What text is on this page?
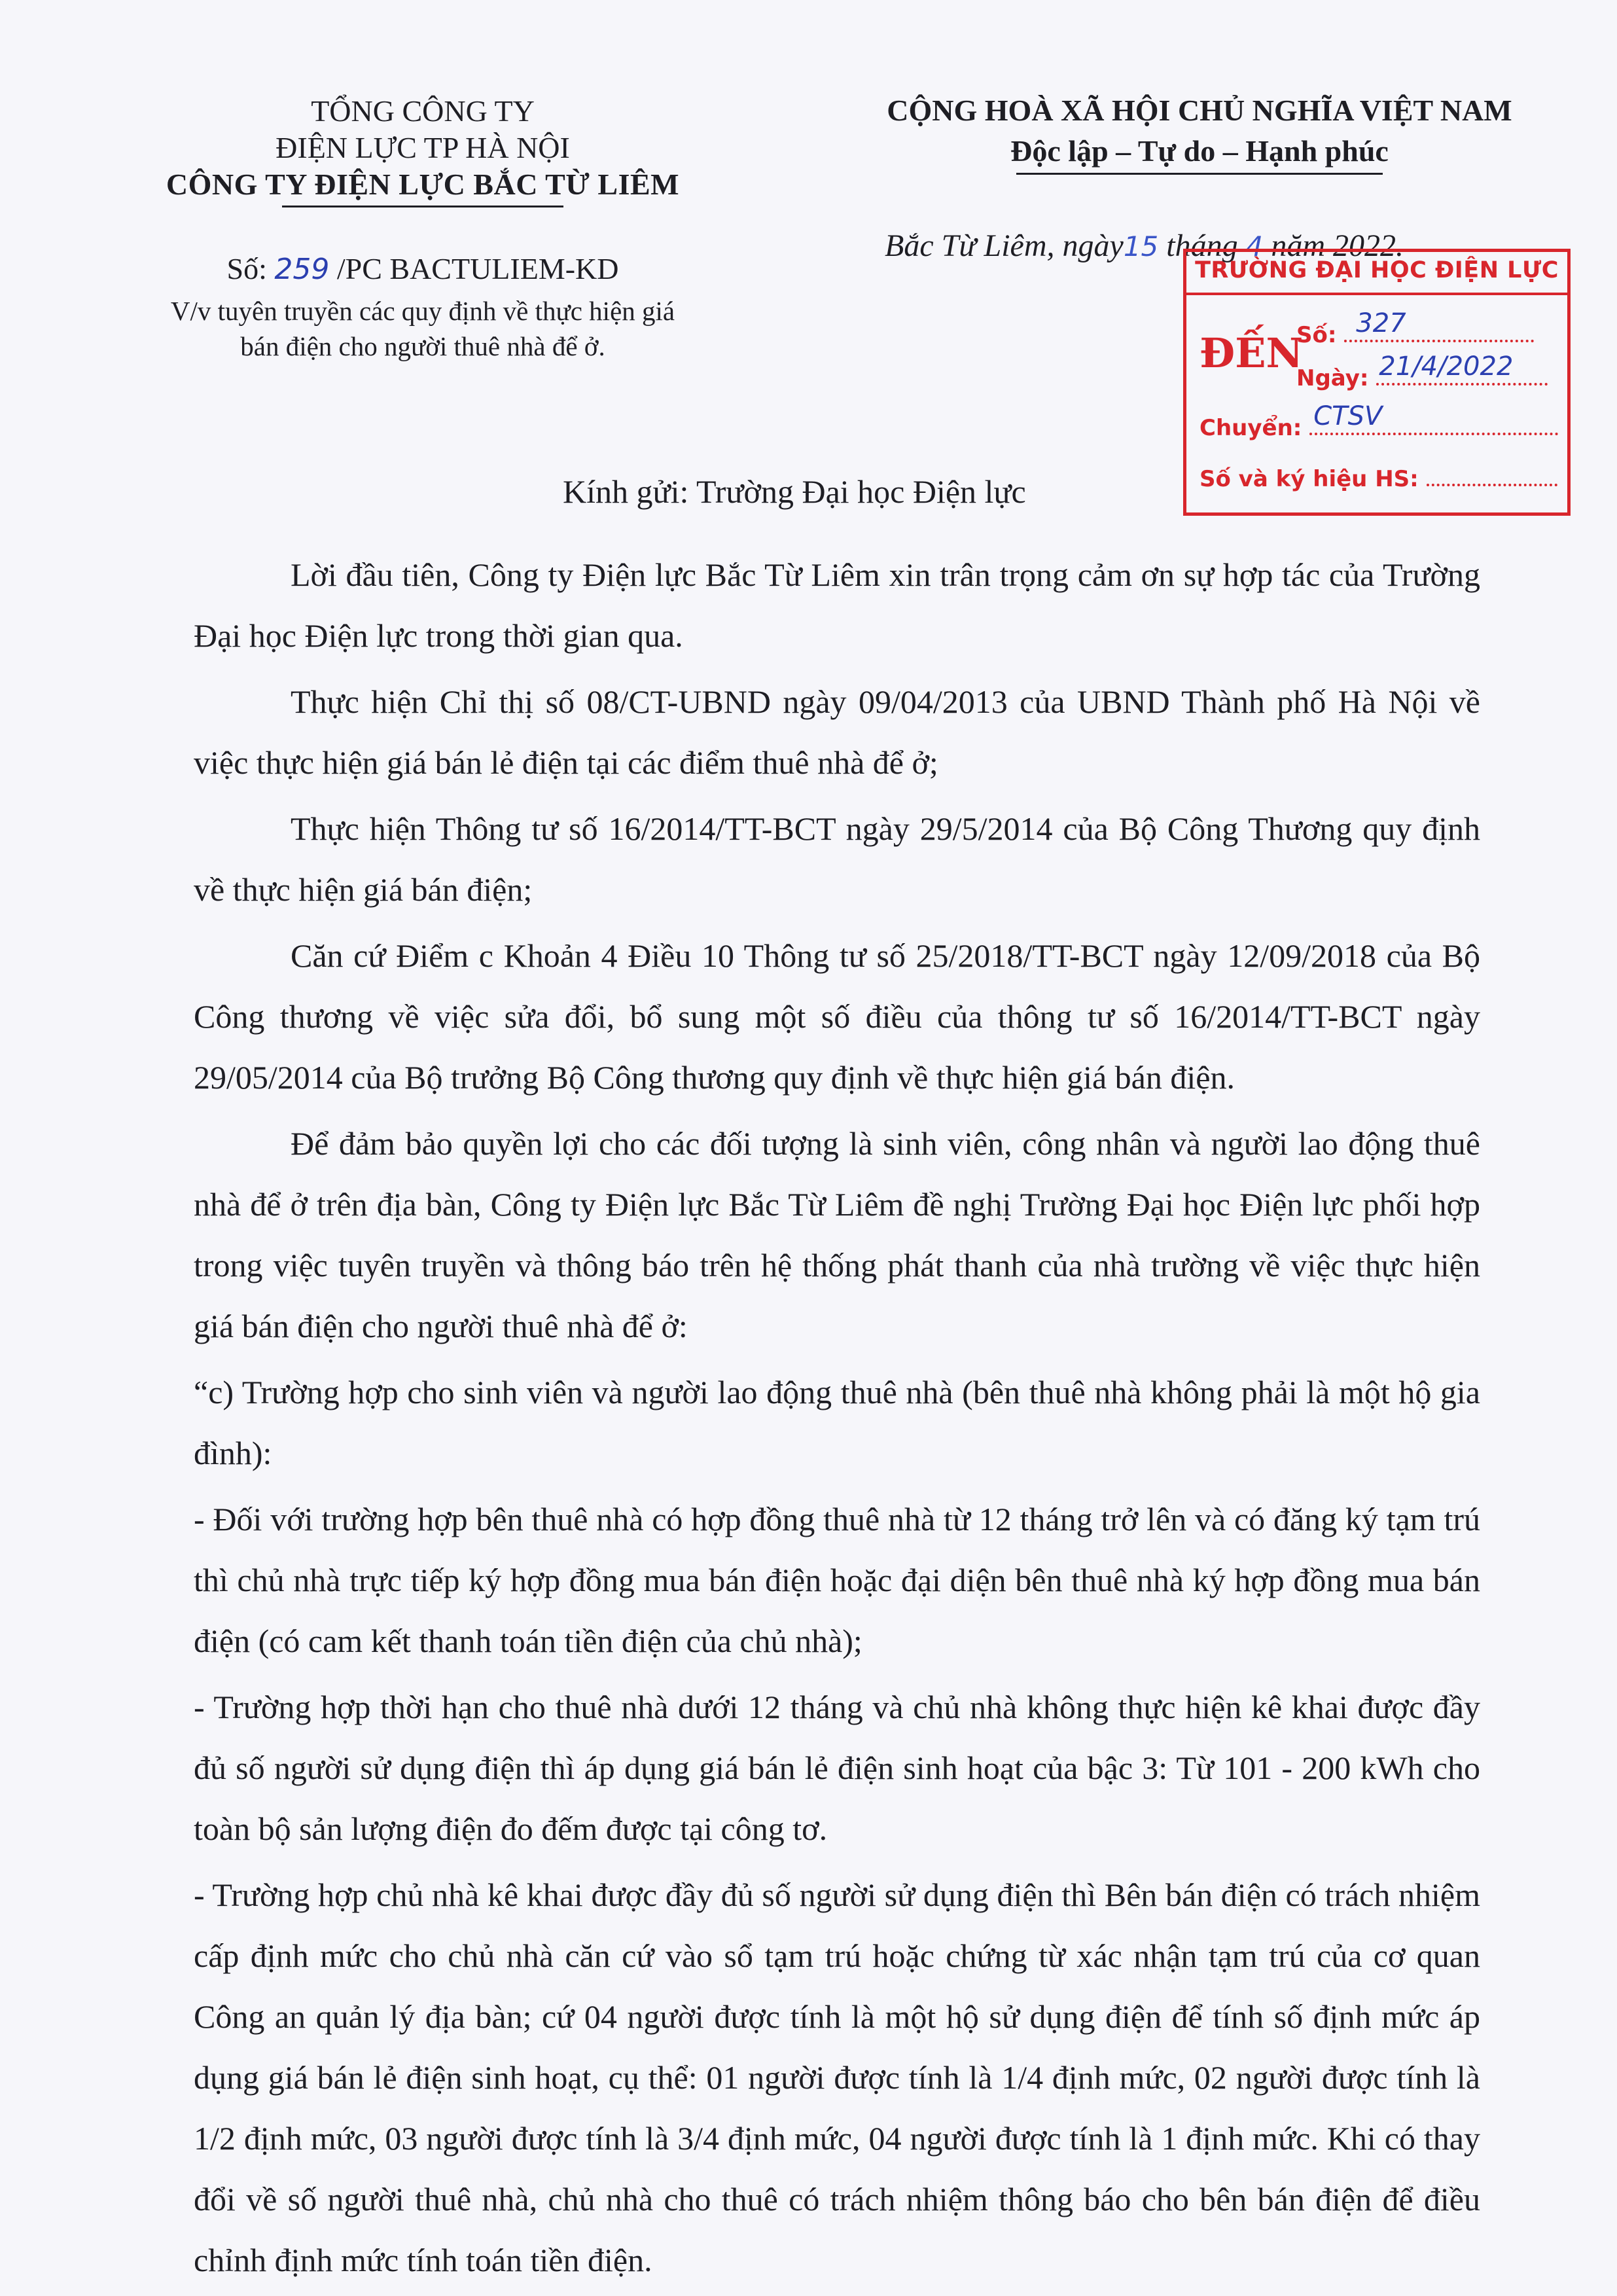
TỔNG CÔNG TY
ĐIỆN LỰC TP HÀ NỘI
CÔNG TY ĐIỆN LỰC BẮC TỪ LIÊM
Số: 259 /PC BACTULIEM-KD
V/v tuyên truyền các quy định về thực hiện giá
bán điện cho người thuê nhà để ở.
CỘNG HOÀ XÃ HỘI CHỦ NGHĨA VIỆT NAM
Độc lập – Tự do – Hạnh phúc
Bắc Từ Liêm, ngày15 tháng 4 năm 2022.
TRƯỜNG ĐẠI HỌC ĐIỆN LỰC
ĐẾN
Số: 327
Ngày: 21/4/2022
Chuyển: CTSV
Số và ký hiệu HS:
Kính gửi: Trường Đại học Điện lực

Lời đầu tiên, Công ty Điện lực Bắc Từ Liêm xin trân trọng cảm ơn sự hợp tác của Trường Đại học Điện lực trong thời gian qua.

Thực hiện Chỉ thị số 08/CT-UBND ngày 09/04/2013 của UBND Thành phố Hà Nội về việc thực hiện giá bán lẻ điện tại các điểm thuê nhà để ở;

Thực hiện Thông tư số 16/2014/TT-BCT ngày 29/5/2014 của Bộ Công Thương quy định về thực hiện giá bán điện;

Căn cứ Điểm c Khoản 4 Điều 10 Thông tư số 25/2018/TT-BCT ngày 12/09/2018 của Bộ Công thương về việc sửa đổi, bổ sung một số điều của thông tư số 16/2014/TT-BCT ngày 29/05/2014 của Bộ trưởng Bộ Công thương quy định về thực hiện giá bán điện.

Để đảm bảo quyền lợi cho các đối tượng là sinh viên, công nhân và người lao động thuê nhà để ở trên địa bàn, Công ty Điện lực Bắc Từ Liêm đề nghị Trường Đại học Điện lực phối hợp trong việc tuyên truyền và thông báo trên hệ thống phát thanh của nhà trường về việc thực hiện giá bán điện cho người thuê nhà để ở:

“c) Trường hợp cho sinh viên và người lao động thuê nhà (bên thuê nhà không phải là một hộ gia đình):

- Đối với trường hợp bên thuê nhà có hợp đồng thuê nhà từ 12 tháng trở lên và có đăng ký tạm trú thì chủ nhà trực tiếp ký hợp đồng mua bán điện hoặc đại diện bên thuê nhà ký hợp đồng mua bán điện (có cam kết thanh toán tiền điện của chủ nhà);

- Trường hợp thời hạn cho thuê nhà dưới 12 tháng và chủ nhà không thực hiện kê khai được đầy đủ số người sử dụng điện thì áp dụng giá bán lẻ điện sinh hoạt của bậc 3: Từ 101 - 200 kWh cho toàn bộ sản lượng điện đo đếm được tại công tơ.

- Trường hợp chủ nhà kê khai được đầy đủ số người sử dụng điện thì Bên bán điện có trách nhiệm cấp định mức cho chủ nhà căn cứ vào sổ tạm trú hoặc chứng từ xác nhận tạm trú của cơ quan Công an quản lý địa bàn; cứ 04 người được tính là một hộ sử dụng điện để tính số định mức áp dụng giá bán lẻ điện sinh hoạt, cụ thể: 01 người được tính là 1/4 định mức, 02 người được tính là 1/2 định mức, 03 người được tính là 3/4 định mức, 04 người được tính là 1 định mức. Khi có thay đổi về số người thuê nhà, chủ nhà cho thuê có trách nhiệm thông báo cho bên bán điện để điều chỉnh định mức tính toán tiền điện.
